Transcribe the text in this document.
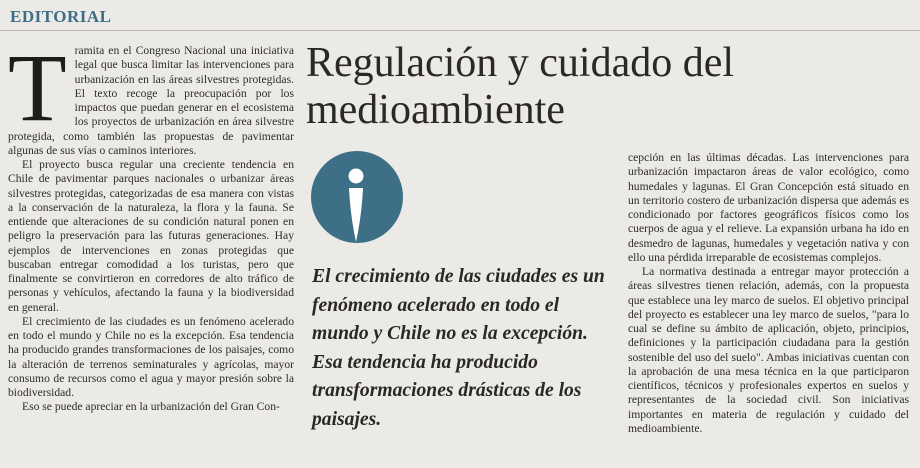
EDITORIAL
T ramita en el Congreso Nacional una iniciativa legal que busca limitar las intervenciones para urbanización en las áreas silvestres protegidas. El texto recoge la preocupación por los impactos que puedan generar en el ecosistema los proyectos de urbanización en área silvestre protegida, como también las propuestas de pavimentar algunas de sus vías o caminos interiores.

El proyecto busca regular una creciente tendencia en Chile de pavimentar parques nacionales o urbanizar áreas silvestres protegidas, categorizadas de esa manera con vistas a la conservación de la naturaleza, la flora y la fauna. Se entiende que alteraciones de su condición natural ponen en peligro la preservación para las futuras generaciones. Hay ejemplos de intervenciones en zonas protegidas que buscaban entregar comodidad a los turistas, pero que finalmente se convirtieron en corredores de alto tráfico de personas y vehículos, afectando la fauna y la biodiversidad en general.

El crecimiento de las ciudades es un fenómeno acelerado en todo el mundo y Chile no es la excepción. Esa tendencia ha producido grandes transformaciones de los paisajes, como la alteración de terrenos seminaturales y agrícolas, mayor consumo de recursos como el agua y mayor presión sobre la biodiversidad.

Eso se puede apreciar en la urbanización del Gran Con-

Regulación y cuidado del medioambiente

El crecimiento de las ciudades es un fenómeno acelerado en todo el mundo y Chile no es la excepción. Esa tendencia ha producido transformaciones drásticas de los paisajes.

cepción en las últimas décadas. Las intervenciones para urbanización impactaron áreas de valor ecológico, como humedales y lagunas. El Gran Concepción está situado en un territorio costero de urbanización dispersa que además es condicionado por factores geográficos físicos como los cuerpos de agua y el relieve. La expansión urbana ha ido en desmedro de lagunas, humedales y vegetación nativa y con ello una pérdida irreparable de ecosistemas complejos.

La normativa destinada a entregar mayor protección a áreas silvestres tienen relación, además, con la propuesta que establece una ley marco de suelos. El objetivo principal del proyecto es establecer una ley marco de suelos, "para lo cual se define su ámbito de aplicación, objeto, principios, definiciones y la participación ciudadana para la gestión sostenible del uso del suelo". Ambas iniciativas cuentan con la aprobación de una mesa técnica en la que participaron científicos, técnicos y profesionales expertos en suelos y representantes de la sociedad civil. Son iniciativas importantes en materia de regulación y cuidado del medioambiente.
